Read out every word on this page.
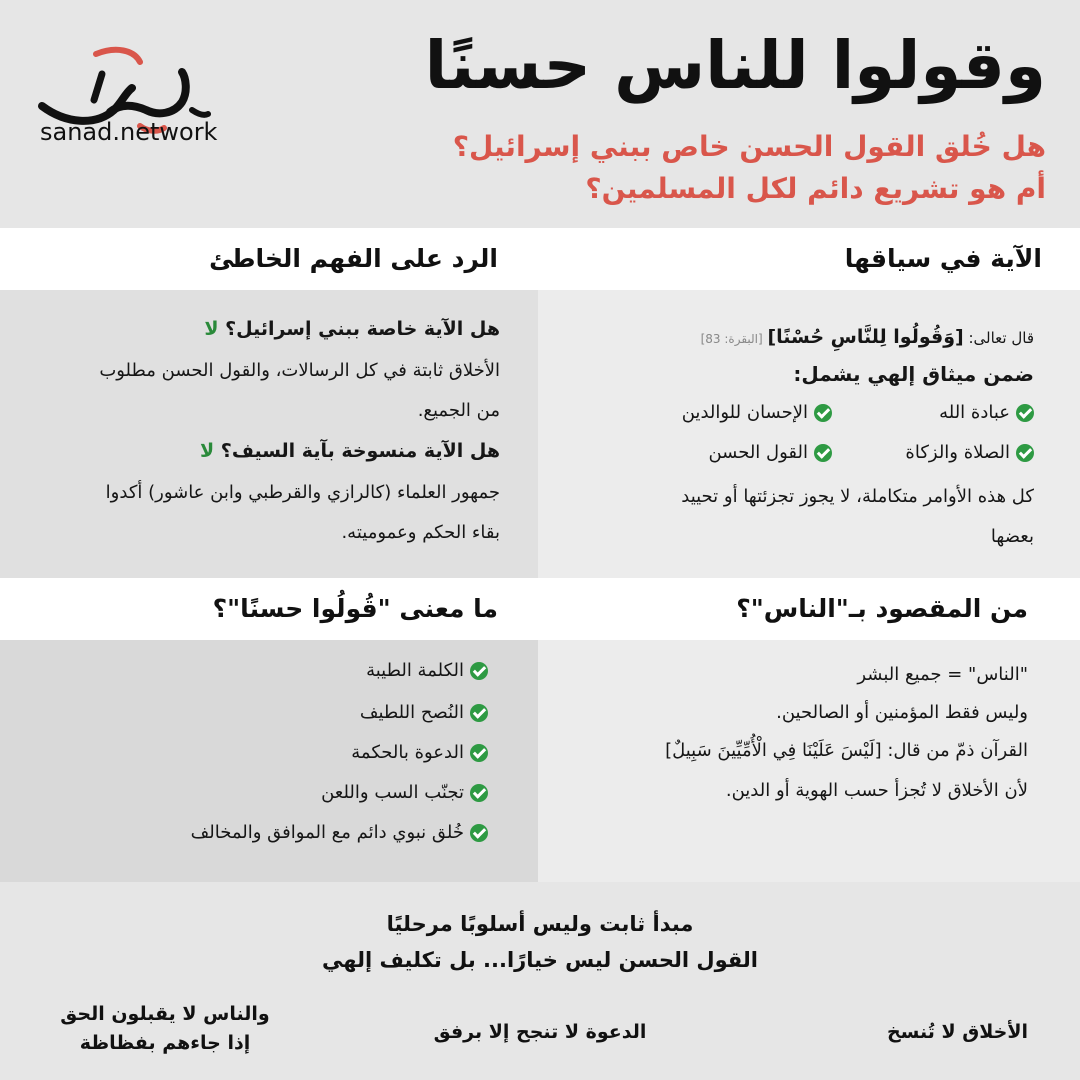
وقولوا للناس حسنًا
هل خُلق القول الحسن خاص ببني إسرائيل؟
أم هو تشريع دائم لكل المسلمين؟
sanad.network
الآية في سياقها
الرد على الفهم الخاطئ
قال تعالى: [وَقُولُوا لِلنَّاسِ حُسْنًا] [البقرة: 83]
ضمن ميثاق إلهي يشمل:
عبادة الله
الإحسان للوالدين
الصلاة والزكاة
القول الحسن
كل هذه الأوامر متكاملة، لا يجوز تجزئتها أو تحييد
بعضها
هل الآية خاصة ببني إسرائيل؟ لا
الأخلاق ثابتة في كل الرسالات، والقول الحسن مطلوب
من الجميع.
هل الآية منسوخة بآية السيف؟ لا
جمهور العلماء (كالرازي والقرطبي وابن عاشور) أكدوا
بقاء الحكم وعموميته.
من المقصود بـ"الناس"؟
ما معنى "قُولُوا حسنًا"؟
"الناس" = جميع البشر
وليس فقط المؤمنين أو الصالحين.
القرآن ذمّ من قال: [لَيْسَ عَلَيْنَا فِي الْأُمِّيِّينَ سَبِيلٌ]
لأن الأخلاق لا تُجزأ حسب الهوية أو الدين.
الكلمة الطيبة
النُصح اللطيف
الدعوة بالحكمة
تجنّب السب واللعن
خُلق نبوي دائم مع الموافق والمخالف
مبدأ ثابت وليس أسلوبًا مرحليًا
القول الحسن ليس خيارًا... بل تكليف إلهي
الأخلاق لا تُنسخ
الدعوة لا تنجح إلا برفق
والناس لا يقبلون الحق
إذا جاءهم بفظاظة
